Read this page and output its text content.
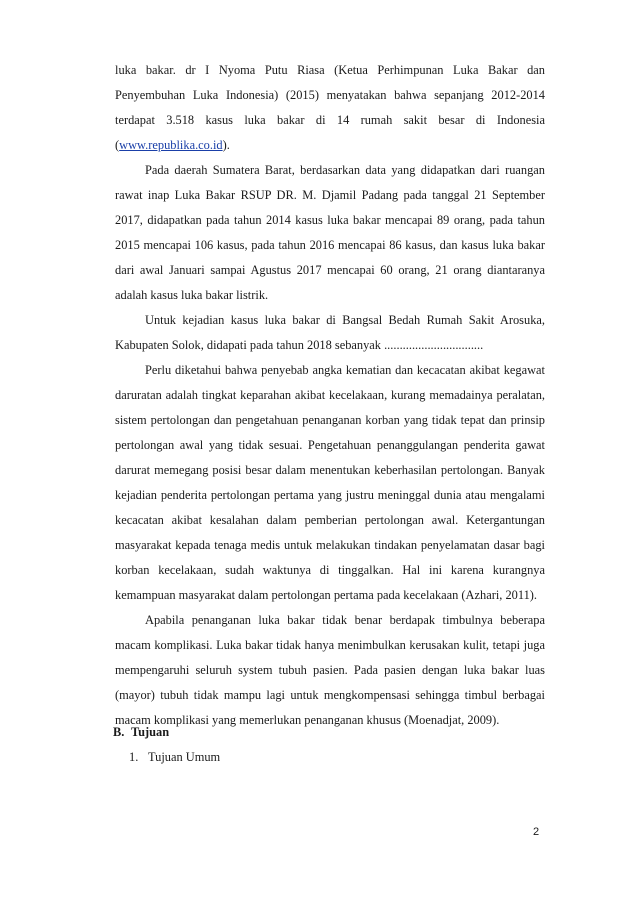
luka bakar. dr I Nyoma Putu Riasa (Ketua Perhimpunan Luka Bakar dan Penyembuhan Luka Indonesia) (2015) menyatakan bahwa sepanjang 2012-2014 terdapat 3.518 kasus luka bakar di 14 rumah sakit besar di Indonesia (www.republika.co.id).

Pada daerah Sumatera Barat, berdasarkan data yang didapatkan dari ruangan rawat inap Luka Bakar RSUP DR. M. Djamil Padang pada tanggal 21 September 2017, didapatkan pada tahun 2014 kasus luka bakar mencapai 89 orang, pada tahun 2015 mencapai 106 kasus, pada tahun 2016 mencapai 86 kasus, dan kasus luka bakar dari awal Januari sampai Agustus 2017 mencapai 60 orang, 21 orang diantaranya adalah kasus luka bakar listrik.

Untuk kejadian kasus luka bakar di Bangsal Bedah Rumah Sakit Arosuka, Kabupaten Solok, didapati pada tahun 2018 sebanyak ................................

Perlu diketahui bahwa penyebab angka kematian dan kecacatan akibat kegawat daruratan adalah tingkat keparahan akibat kecelakaan, kurang memadainya peralatan, sistem pertolongan dan pengetahuan penanganan korban yang tidak tepat dan prinsip pertolongan awal yang tidak sesuai. Pengetahuan penanggulangan penderita gawat darurat memegang posisi besar dalam menentukan keberhasilan pertolongan. Banyak kejadian penderita pertolongan pertama yang justru meninggal dunia atau mengalami kecacatan akibat kesalahan dalam pemberian pertolongan awal. Ketergantungan masyarakat kepada tenaga medis untuk melakukan tindakan penyelamatan dasar bagi korban kecelakaan, sudah waktunya di tinggalkan. Hal ini karena kurangnya kemampuan masyarakat dalam pertolongan pertama pada kecelakaan (Azhari, 2011).

Apabila penanganan luka bakar tidak benar berdapak timbulnya beberapa macam komplikasi. Luka bakar tidak hanya menimbulkan kerusakan kulit, tetapi juga mempengaruhi seluruh system tubuh pasien. Pada pasien dengan luka bakar luas (mayor) tubuh tidak mampu lagi untuk mengkompensasi sehingga timbul berbagai macam komplikasi yang memerlukan penanganan khusus (Moenadjat, 2009).

B. Tujuan
1. Tujuan Umum
2
